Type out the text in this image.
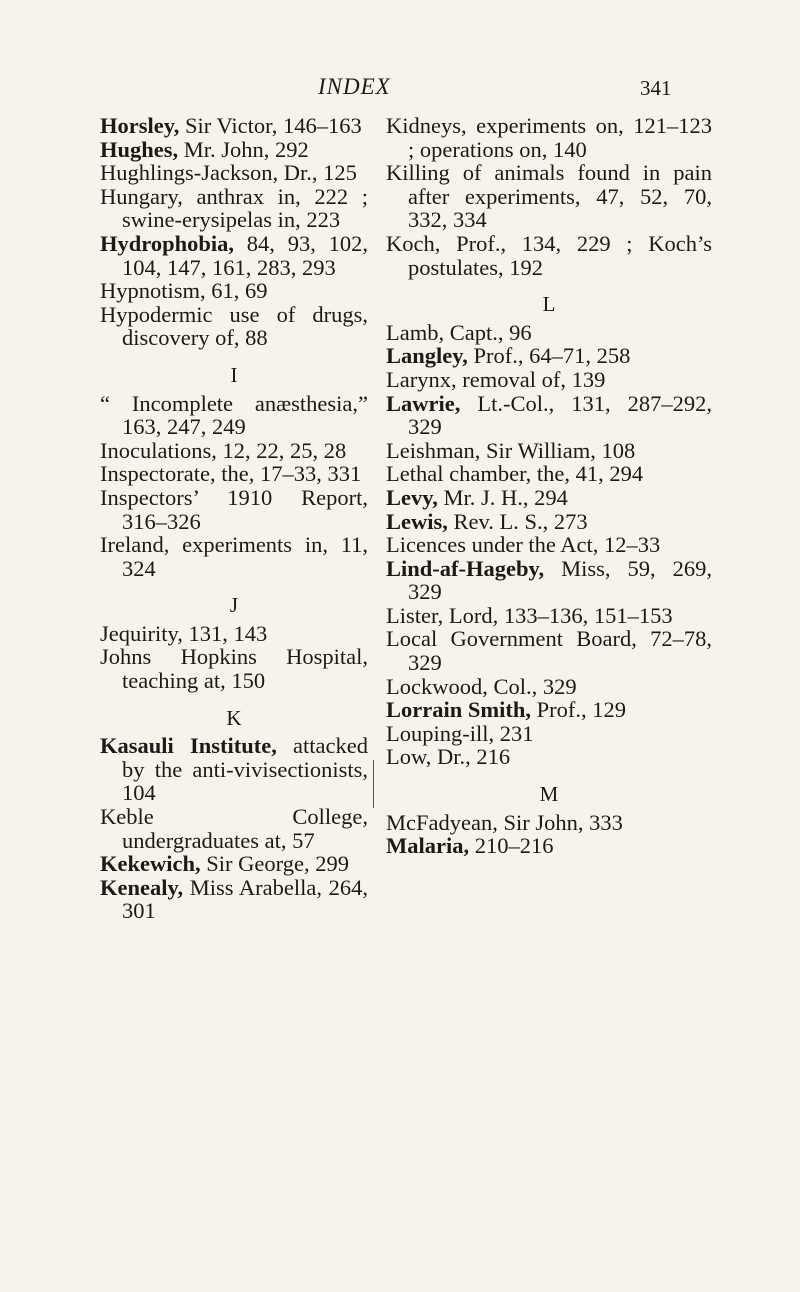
INDEX	341
Horsley, Sir Victor, 146–163
Hughes, Mr. John, 292
Hughlings-Jackson, Dr., 125
Hungary, anthrax in, 222 ; swine-erysipelas in, 223
Hydrophobia, 84, 93, 102, 104, 147, 161, 283, 293
Hypnotism, 61, 69
Hypodermic use of drugs, discovery of, 88
I
“ Incomplete anæsthesia,” 163, 247, 249
Inoculations, 12, 22, 25, 28
Inspectorate, the, 17–33, 331
Inspectors’ 1910 Report, 316–326
Ireland, experiments in, 11, 324
J
Jequirity, 131, 143
Johns Hopkins Hospital, teaching at, 150
K
Kasauli Institute, attacked by the anti-vivisectionists, 104
Keble College, undergraduates at, 57
Kekewich, Sir George, 299
Kenealy, Miss Arabella, 264, 301
Kidneys, experiments on, 121–123 ; operations on, 140
Killing of animals found in pain after experiments, 47, 52, 70, 332, 334
Koch, Prof., 134, 229 ; Koch’s postulates, 192
L
Lamb, Capt., 96
Langley, Prof., 64–71, 258
Larynx, removal of, 139
Lawrie, Lt.-Col., 131, 287–292, 329
Leishman, Sir William, 108
Lethal chamber, the, 41, 294
Levy, Mr. J. H., 294
Lewis, Rev. L. S., 273
Licences under the Act, 12–33
Lind-af-Hageby, Miss, 59, 269, 329
Lister, Lord, 133–136, 151–153
Local Government Board, 72–78, 329
Lockwood, Col., 329
Lorrain Smith, Prof., 129
Louping-ill, 231
Low, Dr., 216
M
McFadyean, Sir John, 333
Malaria, 210–216
